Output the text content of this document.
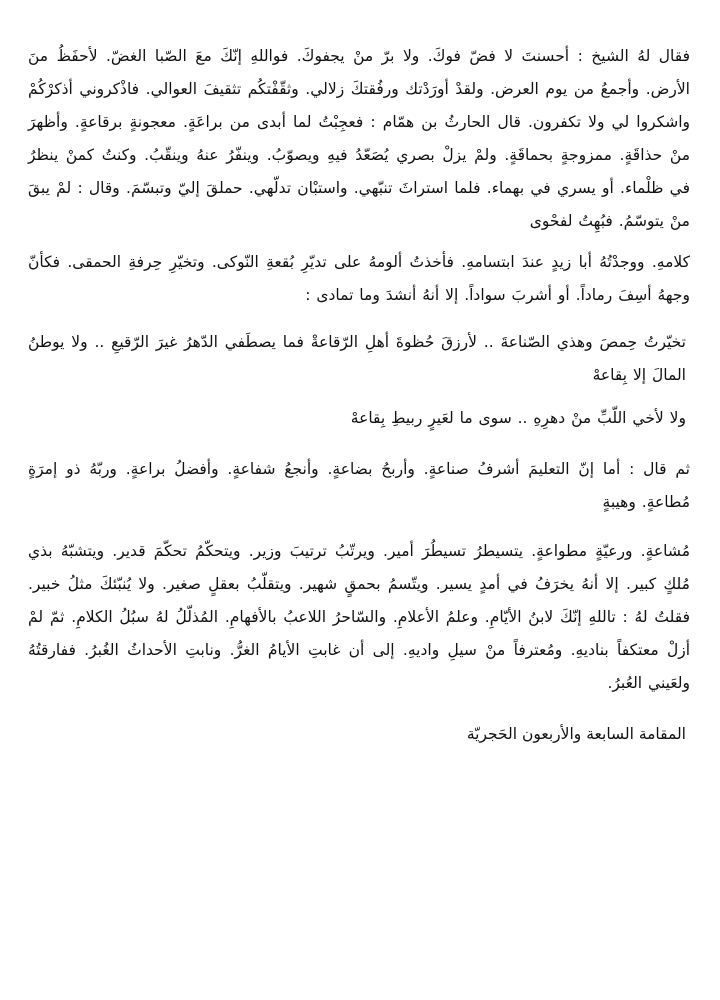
فقال لهُ الشيخ : أحسنتَ لا فضّ فوكَ. ولا برّ منْ يجفوكَ. فواللهِ إنّكَ معَ الصّبا الغضّ. لأحفَظُ منَ الأرض. وأجمعُ من يوم العرض. ولقدْ أورَدْتك ورفُقتكَ زلالي. وثقّفْتكُم تثقيفَ العوالي. فاذْكروني أذكرْكُمْ واشكروا لي ولا تكفرون. قال الحارثُ بن همّام : فعجِبْتُ لما أبدى من براعَةٍ. معجونةٍ برقاعةٍ. وأظهرَ منْ حذاقَةٍ. ممزوجةٍ بحماقَةٍ. ولمْ يزلْ بصري يُصَعّدُ فيهِ ويصوّبُ. وينفّرُ عنهُ وينقّبُ. وكنتُ كمنْ ينظرُ في ظلْماء. أو يسري في بهماء. فلما استراثَ تنبّهي. واستبْان تدلّهي. حملقَ إليّ وتبسّمَ. وقال : لمْ يبقَ منْ يتوسّمُ. فبُهِتُ لفحْوى

كلامهِ. ووجدْتُهُ أبا زيدٍ عندَ ابتسامهِ. فأخذتُ ألومهُ على تديّرِ بُقعةِ النّوكى. وتخيّرِ حِرفةِ الحمقى. فكأنّ وجههُ أسِفَ رماداً. أو أشربَ سواداً. إلا أنهُ أنشدَ وما تمادى :

تخيّرتُ حِمصَ وهذي الصّناعةَ .. لأرزقَ حُظوةَ أهلِ الرّقاعةْ فما يصطَفي الدّهرُ غيرَ الرّقيعِ .. ولا يوطنُ المالَ إلا بِقاعهْ

ولا لأخي اللّبِّ منْ دهرِهِ .. سوى ما لعَيرٍ ربيطِ بِقاعهْ

ثم قال : أما إنّ التعليمَ أشرفُ صناعةٍ. وأربحُ بضاعةٍ. وأنجعُ شفاعةٍ. وأفضلُ براعةٍ. وربّهُ ذو إمرَةٍ مُطاعةٍ. وهيبةٍ

مُشاعةٍ. ورعيّةٍ مطواعةٍ. يتسيطرُ تسيطُرَ أمير. ويرتّبُ ترتيبَ وزير. ويتحكّمُ تحكّمَ قدير. ويتشبّهُ بذي مُلكٍ كبير. إلا أنهُ يخرَفُ في أمدٍ يسير. ويتّسمُ بحمقٍ شهير. ويتقلّبُ بعقلٍ صغير. ولا يُنبّئكَ مثلُ خبير. فقلتُ لهُ : تاللهِ إنّكَ لابنُ الأيّامِ. وعلمُ الأعلامِ. والسّاحرُ اللاعبُ بالأفهامِ. المُذلّلُ لهُ سبُلُ الكلامِ. ثمّ لمْ أزلْ معتكفاً بناديهِ. ومُعترفاً منْ سيلِ واديهِ. إلى أن غابتِ الأيامُ الغرُّ. ونابتِ الأحداثُ الغُبرُ. ففارقتُهُ ولعَيني العُبرُ.

المقامة السابعة والأربعون الحَجريّة
